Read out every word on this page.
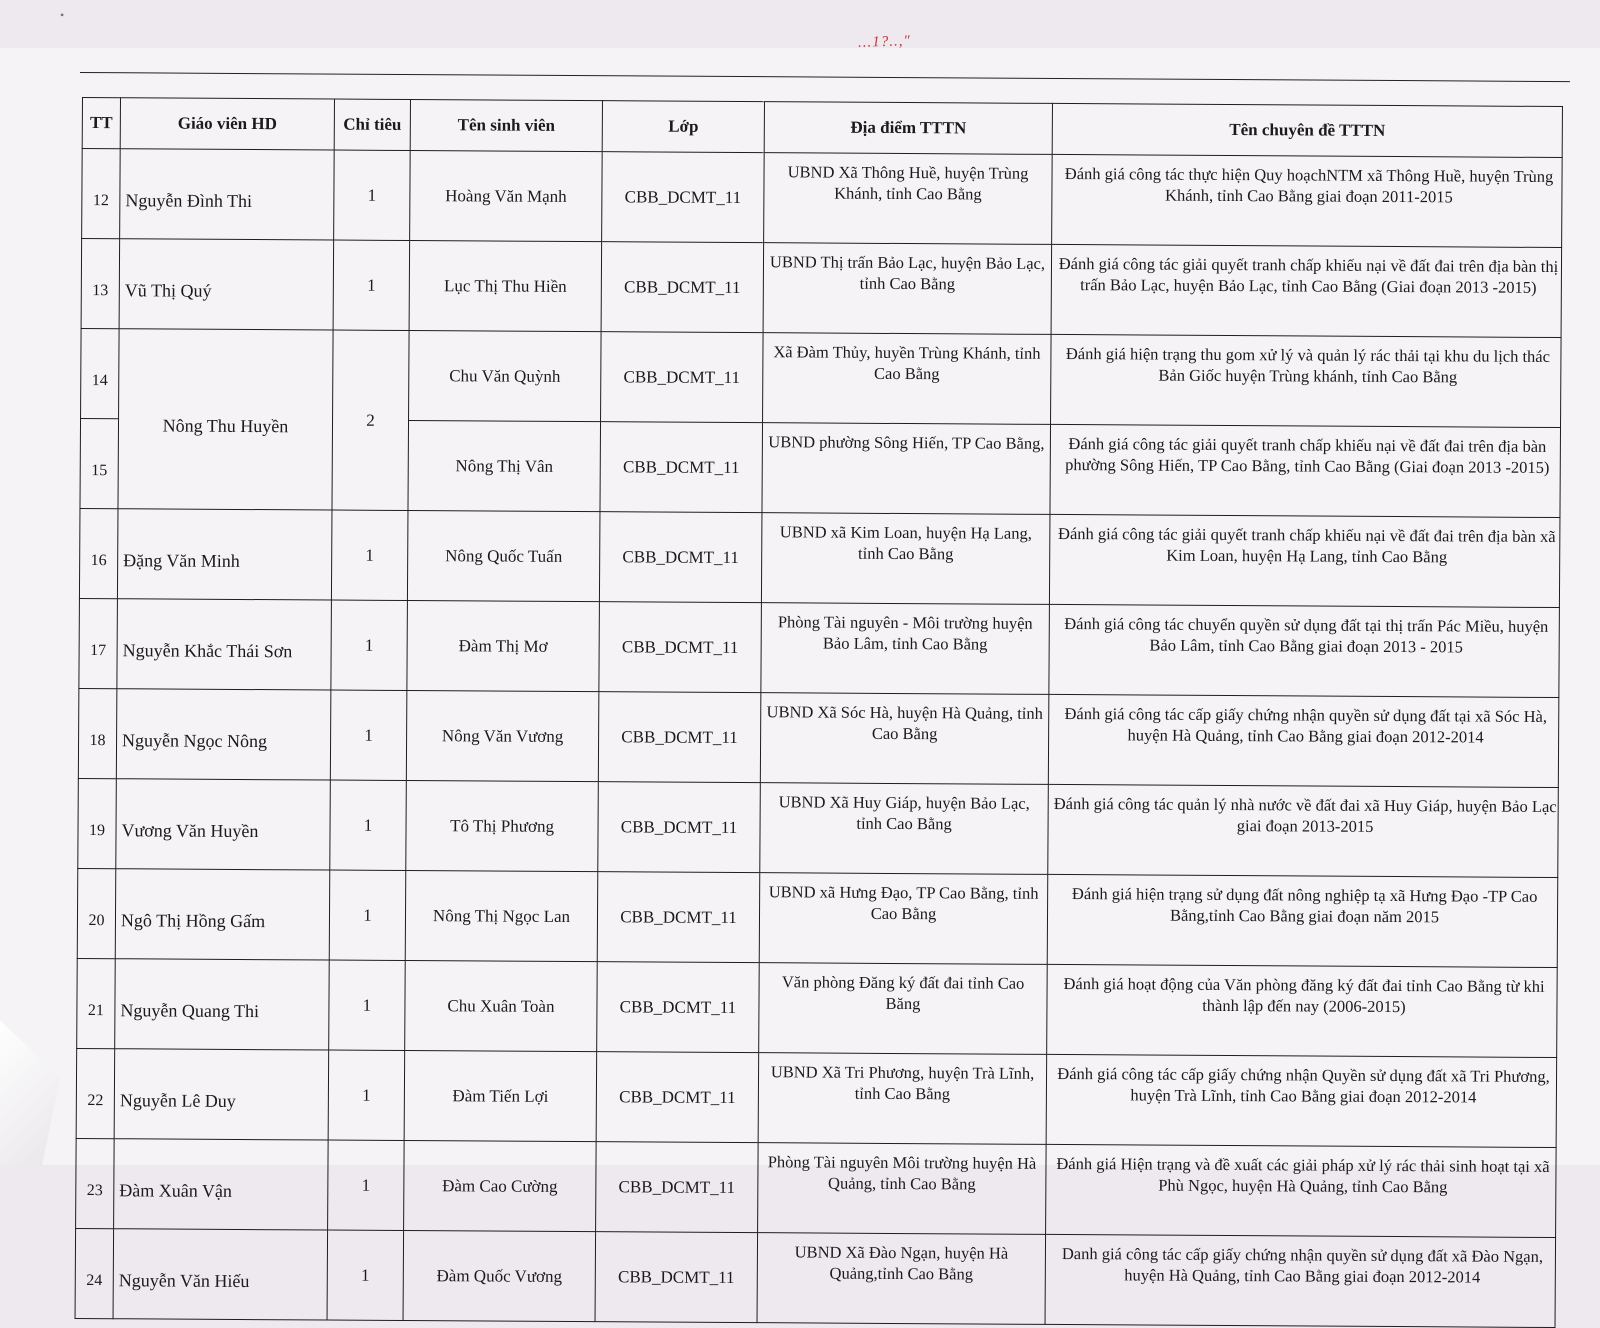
...1?..,"
•
TT	Giáo viên HD	Chỉ tiêu	Tên sinh viên	Lớp	Địa điểm TTTN	Tên chuyên đề TTTN
12	Nguyễn Đình Thi	1	Hoàng Văn Mạnh	CBB_DCMT_11	UBND Xã Thông Huề, huyện Trùng Khánh, tỉnh Cao Bằng	Đánh giá công tác thực hiện Quy hoạchNTM xã Thông Huề, huyện Trùng Khánh, tỉnh Cao Bằng giai đoạn 2011-2015
13	Vũ Thị Quý	1	Lục Thị Thu Hiền	CBB_DCMT_11	UBND Thị trấn Bảo Lạc, huyện Bảo Lạc, tỉnh Cao Bằng	Đánh giá công tác giải quyết tranh chấp khiếu nại về đất đai trên địa bàn thị trấn Bảo Lạc, huyện Bảo Lạc, tỉnh Cao Bằng (Giai đoạn 2013 -2015)
14	Nông Thu Huyền	2	Chu Văn Quỳnh	CBB_DCMT_11	Xã Đàm Thủy, huyền Trùng Khánh, tỉnh Cao Bằng	Đánh giá hiện trạng thu gom xử lý và quản lý rác thải tại khu du lịch thác Bản Giốc huyện Trùng khánh, tỉnh Cao Bằng
15			Nông Thị Vân	CBB_DCMT_11	UBND phường Sông Hiến, TP Cao Bằng,	Đánh giá công tác giải quyết tranh chấp khiếu nại về đất đai trên địa bàn phường Sông Hiến, TP Cao Bằng, tỉnh Cao Bằng (Giai đoạn 2013 -2015)
16	Đặng Văn Minh	1	Nông Quốc Tuấn	CBB_DCMT_11	UBND xã Kim Loan, huyện Hạ Lang, tỉnh Cao Bằng	Đánh giá công tác giải quyết tranh chấp khiếu nại về đất đai trên địa bàn xã Kim Loan, huyện Hạ Lang, tỉnh Cao Bằng
17	Nguyễn Khắc Thái Sơn	1	Đàm Thị Mơ	CBB_DCMT_11	Phòng Tài nguyên - Môi trường huyện Bảo Lâm, tỉnh Cao Bằng	Đánh giá công tác chuyển quyền sử dụng đất tại thị trấn Pác Miều, huyện Bảo Lâm, tỉnh Cao Bằng giai đoạn 2013 - 2015
18	Nguyễn Ngọc Nông	1	Nông Văn Vương	CBB_DCMT_11	UBND Xã Sóc Hà, huyện Hà Quảng, tỉnh Cao Bằng	Đánh giá công tác cấp giấy chứng nhận quyền sử dụng đất tại xã Sóc Hà, huyện Hà Quảng, tỉnh Cao Bằng giai đoạn 2012-2014
19	Vương Văn Huyền	1	Tô Thị Phương	CBB_DCMT_11	UBND Xã Huy Giáp, huyện Bảo Lạc, tỉnh Cao Bằng	Đánh giá công tác quản lý nhà nước về đất đai xã Huy Giáp, huyện Bảo Lạc giai đoạn 2013-2015
20	Ngô Thị Hồng Gấm	1	Nông Thị Ngọc Lan	CBB_DCMT_11	UBND xã Hưng Đạo, TP Cao Bằng, tỉnh Cao Bằng	Đánh giá hiện trạng sử dụng đất nông nghiệp tạ xã Hưng Đạo -TP Cao Bằng,tỉnh Cao Bằng giai đoạn năm 2015
21	Nguyễn Quang Thi	1	Chu Xuân Toàn	CBB_DCMT_11	Văn phòng Đăng ký đất đai tỉnh Cao Băng	Đánh giá hoạt động của Văn phòng đăng ký đất đai tỉnh Cao Bằng từ khi thành lập đến nay (2006-2015)
22	Nguyễn Lê Duy	1	Đàm Tiến Lợi	CBB_DCMT_11	UBND Xã Tri Phương, huyện Trà Lĩnh, tỉnh Cao Bằng	Đánh giá công tác cấp giấy chứng nhận Quyền sử dụng đất xã Tri Phương, huyện Trà Lĩnh, tỉnh Cao Bằng giai đoạn 2012-2014
23	Đàm Xuân Vận	1	Đàm Cao Cường	CBB_DCMT_11	Phòng Tài nguyên Môi trường huyện Hà Quảng, tỉnh Cao Bằng	Đánh giá Hiện trạng và đề xuất các giải pháp xử lý rác thải sinh hoạt tại xã Phù Ngọc, huyện Hà Quảng, tỉnh Cao Bằng
24	Nguyễn Văn Hiếu	1	Đàm Quốc Vương	CBB_DCMT_11	UBND Xã Đào Ngạn, huyện Hà Quảng,tỉnh Cao Bằng	Danh giá công tác cấp giấy chứng nhận quyền sử dụng đất xã Đào Ngạn, huyện Hà Quảng, tỉnh Cao Bằng giai đoạn 2012-2014
